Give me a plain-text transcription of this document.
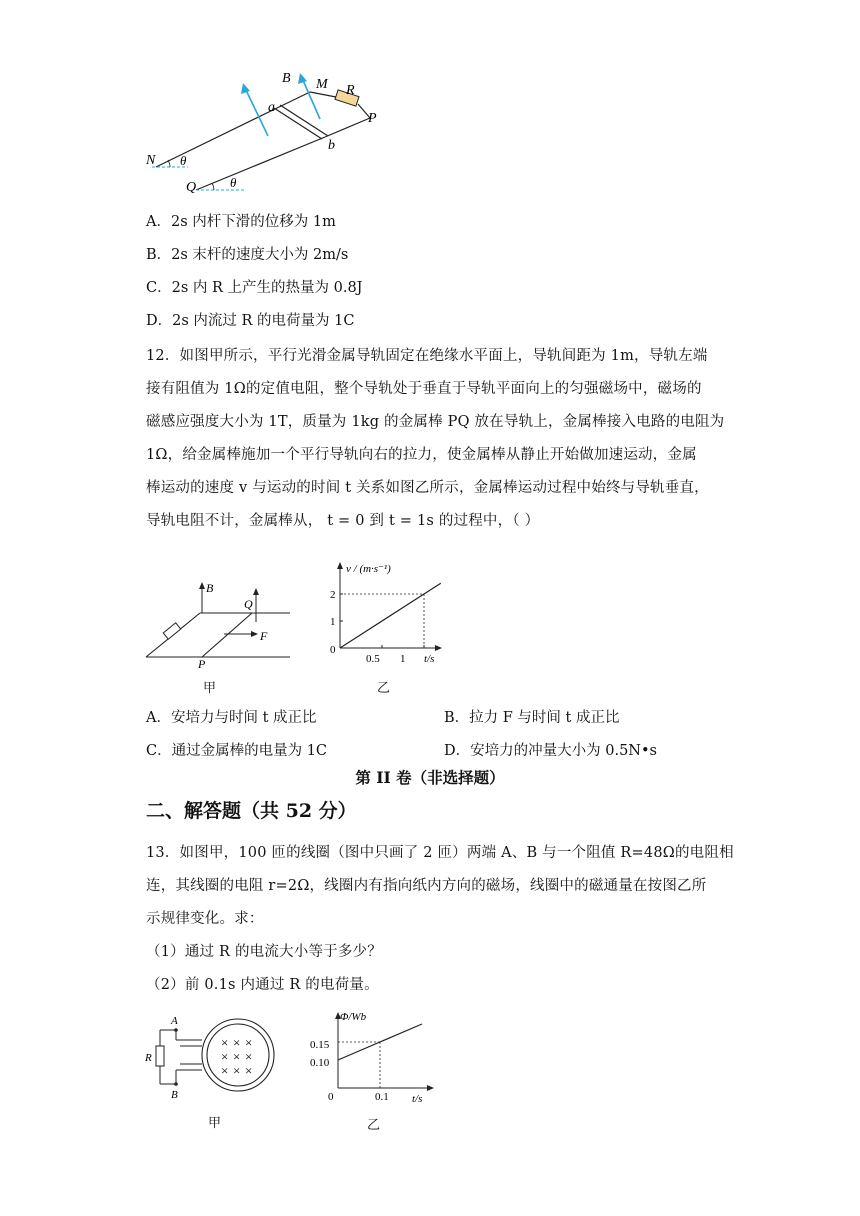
B M R
P
a
b
N θ
Q	θ
A．2s 内杆下滑的位移为 1m
B．2s 末杆的速度大小为 2m/s
C．2s 内 R 上产生的热量为 0.8J
D．2s 内流过 R 的电荷量为 1C
12．如图甲所示，平行光滑金属导轨固定在绝缘水平面上，导轨间距为 1m，导轨左端
接有阻值为 1Ω的定值电阻，整个导轨处于垂直于导轨平面向上的匀强磁场中，磁场的
磁感应强度大小为 1T，质量为 1kg 的金属棒 PQ 放在导轨上，金属棒接入电路的电阻为
1Ω，给金属棒施加一个平行导轨向右的拉力，使金属棒从静止开始做加速运动，金属
棒运动的速度 v 与运动的时间 t 关系如图乙所示，金属棒运动过程中始终与导轨垂直，
导轨电阻不计，金属棒从， t = 0 到 t = 1s 的过程中，（ ）
B
Q
F
P
甲
v / (m·s⁻¹)
t/s
0
2
1
0.5 1
乙
A．安培力与时间 t 成正比	B．拉力 F 与时间 t 成正比
C．通过金属棒的电量为 1C	D．安培力的冲量大小为 0.5N•s
第 II 卷（非选择题）
二、解答题（共 52 分）
13．如图甲，100 匝的线圈（图中只画了 2 匝）两端 A、B 与一个阻值 R=48Ω的电阻相
连，其线圈的电阻 r=2Ω，线圈内有指向纸内方向的磁场，线圈中的磁通量在按图乙所
示规律变化。求：
（1）通过 R 的电流大小等于多少？
（2）前 0.1s 内通过 R 的电荷量。
× × ×
× × ×
× × ×
A
R
B
甲
Φ/Wb
t/s
0
0.15
0.10
0.1
乙
